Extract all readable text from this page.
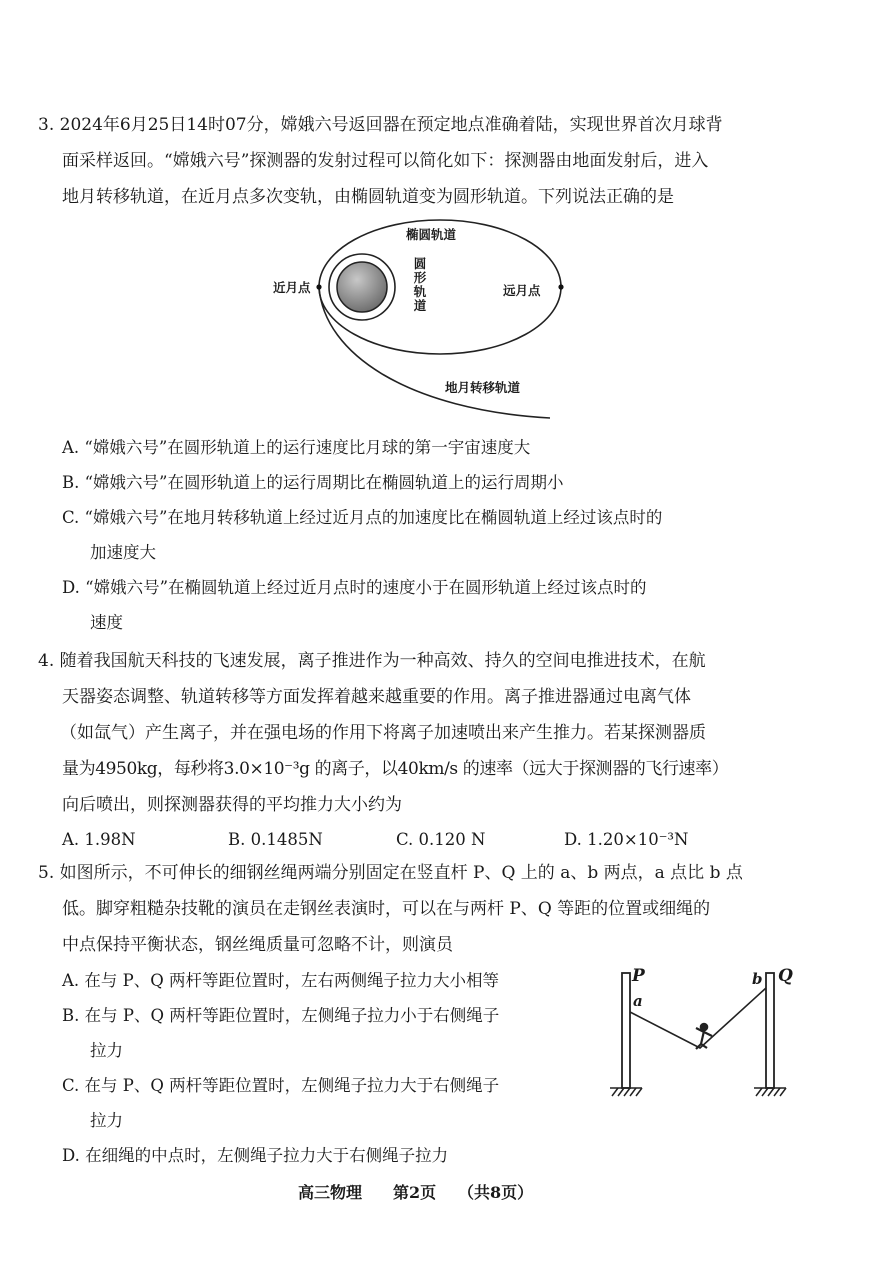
3. 2024年6月25日14时07分，嫦娥六号返回器在预定地点准确着陆，实现世界首次月球背
面采样返回。“嫦娥六号”探测器的发射过程可以简化如下：探测器由地面发射后，进入
地月转移轨道，在近月点多次变轨，由椭圆轨道变为圆形轨道。下列说法正确的是
椭圆轨道
圆形轨道
近月点	远月点
地月转移轨道
A. “嫦娥六号”在圆形轨道上的运行速度比月球的第一宇宙速度大
B. “嫦娥六号”在圆形轨道上的运行周期比在椭圆轨道上的运行周期小
C. “嫦娥六号”在地月转移轨道上经过近月点的加速度比在椭圆轨道上经过该点时的
加速度大
D. “嫦娥六号”在椭圆轨道上经过近月点时的速度小于在圆形轨道上经过该点时的
速度
4. 随着我国航天科技的飞速发展，离子推进作为一种高效、持久的空间电推进技术，在航
天器姿态调整、轨道转移等方面发挥着越来越重要的作用。离子推进器通过电离气体
（如氙气）产生离子，并在强电场的作用下将离子加速喷出来产生推力。若某探测器质
量为4950kg，每秒将3.0×10⁻³g 的离子，以40km/s 的速率（远大于探测器的飞行速率）
向后喷出，则探测器获得的平均推力大小约为
A. 1.98N	B. 0.1485N	C. 0.120 N	D. 1.20×10⁻³N
5. 如图所示，不可伸长的细钢丝绳两端分别固定在竖直杆 P、Q 上的 a、b 两点，a 点比 b 点
低。脚穿粗糙杂技靴的演员在走钢丝表演时，可以在与两杆 P、Q 等距的位置或细绳的
中点保持平衡状态，钢丝绳质量可忽略不计，则演员
A. 在与 P、Q 两杆等距位置时，左右两侧绳子拉力大小相等
B. 在与 P、Q 两杆等距位置时，左侧绳子拉力小于右侧绳子
拉力
C. 在与 P、Q 两杆等距位置时，左侧绳子拉力大于右侧绳子
拉力
D. 在细绳的中点时，左侧绳子拉力大于右侧绳子拉力
P
a
b Q
高三物理 第2页 （共8页）
